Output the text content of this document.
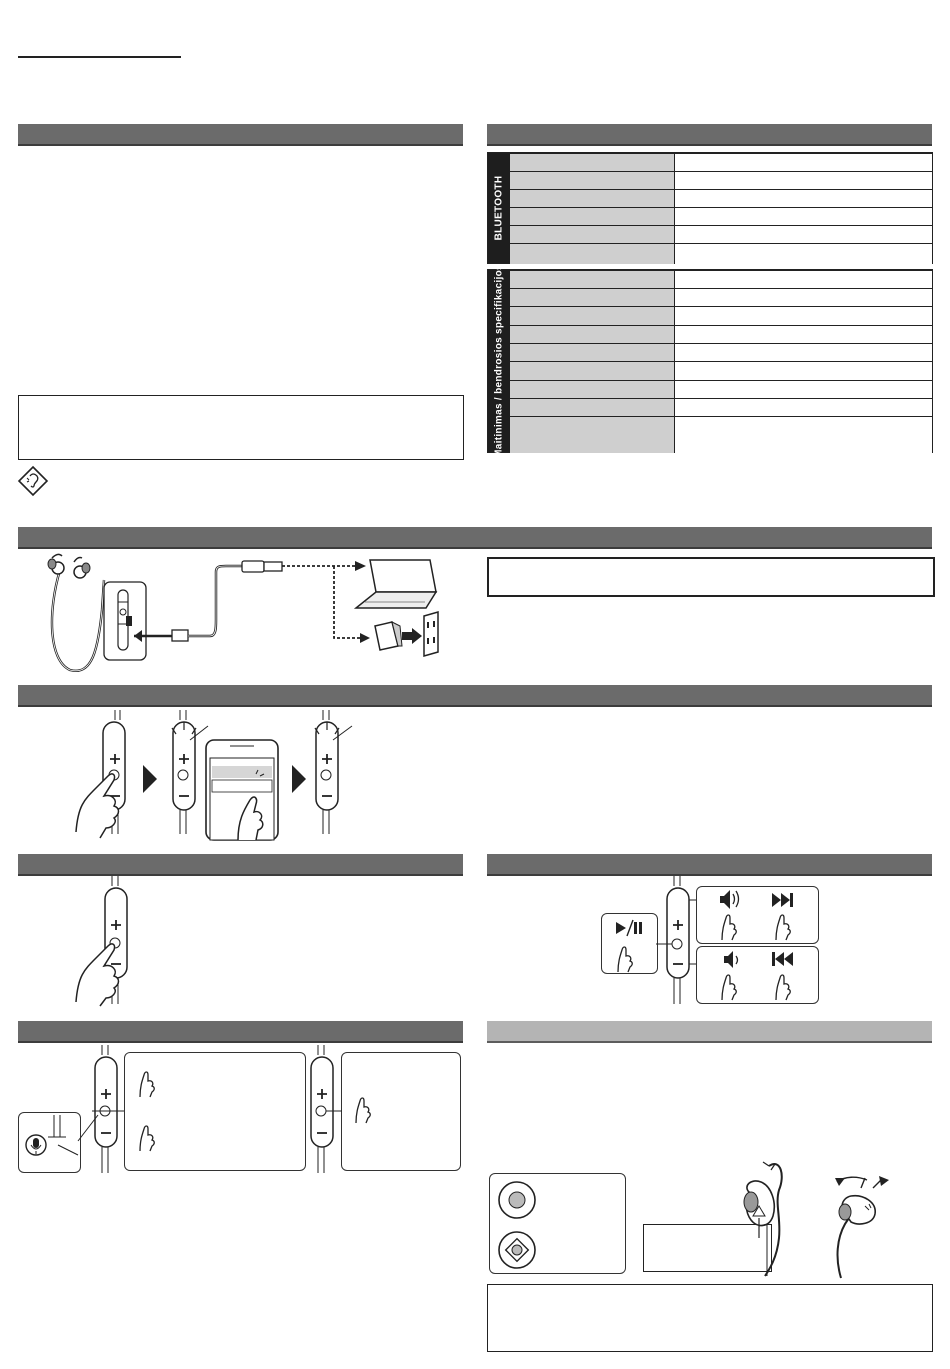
BLUETOOTH
Maitinimas / bendrosios specifikacijos
